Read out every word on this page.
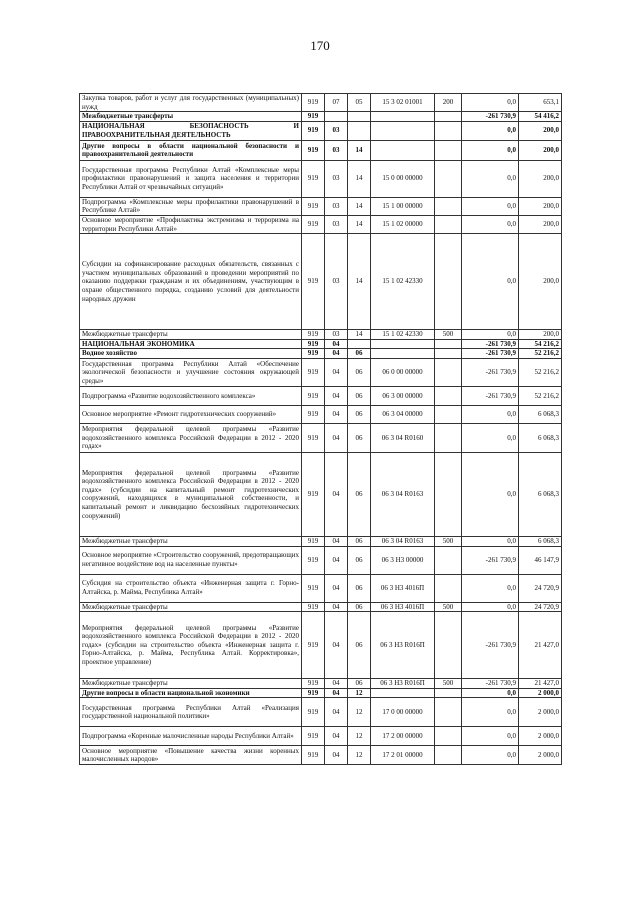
170
Закупка товаров, работ и услуг для государственных (муниципальных) нужд	919	07	05	15 3 02 01001	200	0,0	653,1
Межбюджетные трансферты	919					-261 730,9	54 416,2
НАЦИОНАЛЬНАЯ БЕЗОПАСНОСТЬ И ПРАВООХРАНИТЕЛЬНАЯ ДЕЯТЕЛЬНОСТЬ	919	03				0,0	200,0
Другие вопросы в области национальной безопасности и правоохранительной деятельности	919	03	14			0,0	200,0
Государственная программа Республики Алтай «Комплексные меры профилактики правонарушений и защита населения и территории Республики Алтай от чрезвычайных ситуаций»	919	03	14	15 0 00 00000		0,0	200,0
Подпрограмма «Комплексные меры профилактики правонарушений в Республике Алтай»	919	03	14	15 1 00 00000		0,0	200,0
Основное мероприятие «Профилактика экстремизма и терроризма на территории Республики Алтай»	919	03	14	15 1 02 00000		0,0	200,0
Субсидии на софинансирование расходных обязательств, связанных с участием муниципальных образований в проведении мероприятий по оказанию поддержки гражданам и их объединениям, участвующим в охране общественного порядка, созданию условий для деятельности народных дружин	919	03	14	15 1 02 42330		0,0	200,0
Межбюджетные трансферты	919	03	14	15 1 02 42330	500	0,0	200,0
НАЦИОНАЛЬНАЯ ЭКОНОМИКА	919	04				-261 730,9	54 216,2
Водное хозяйство	919	04	06			-261 730,9	52 216,2
Государственная программа Республики Алтай «Обеспечение экологической безопасности и улучшение состояния окружающей среды»	919	04	06	06 0 00 00000		-261 730,9	52 216,2
Подпрограмма «Развитие водохозяйственного комплекса»	919	04	06	06 3 00 00000		-261 730,9	52 216,2
Основное мероприятие «Ремонт гидротехнических сооружений»	919	04	06	06 3 04 00000		0,0	6 068,3
Мероприятия федеральной целевой программы «Развитие водохозяйственного комплекса Российской Федерации в 2012 - 2020 годах»	919	04	06	06 3 04 R0160		0,0	6 068,3
Мероприятия федеральной целевой программы «Развитие водохозяйственного комплекса Российской Федерации в 2012 - 2020 годах» (субсидии на капитальный ремонт гидротехнических сооружений, находящихся в муниципальной собственности, и капитальный ремонт и ликвидацию бесхозяйных гидротехнических сооружений)	919	04	06	06 3 04 R0163		0,0	6 068,3
Межбюджетные трансферты	919	04	06	06 3 04 R0163	500	0,0	6 068,3
Основное мероприятие «Строительство сооружений, предотвращающих негативное воздействие вод на населенные пункты»	919	04	06	06 3 Н3 00000		-261 730,9	46 147,9
Субсидия на строительство объекта «Инженерная защита г. Горно-Алтайска, р. Майма, Республика Алтай»	919	04	06	06 3 Н3 4016П		0,0	24 720,9
Межбюджетные трансферты	919	04	06	06 3 Н3 4016П	500	0,0	24 720,9
Мероприятия федеральной целевой программы «Развитие водохозяйственного комплекса Российской Федерации в 2012 - 2020 годах» (субсидии на строительство объекта «Инженерная защита г. Горно-Алтайска, р. Майма, Республика Алтай. Корректировка», проектное управление)	919	04	06	06 3 Н3 R016П		-261 730,9	21 427,0
Межбюджетные трансферты	919	04	06	06 3 Н3 R016П	500	-261 730,9	21 427,0
Другие вопросы в области национальной экономики	919	04	12			0,0	2 000,0
Государственная программа Республики Алтай «Реализация государственной национальной политики»	919	04	12	17 0 00 00000		0,0	2 000,0
Подпрограмма «Коренные малочисленные народы Республики Алтай»	919	04	12	17 2 00 00000		0,0	2 000,0
Основное мероприятие «Повышение качества жизни коренных малочисленных народов»	919	04	12	17 2 01 00000		0,0	2 000,0
